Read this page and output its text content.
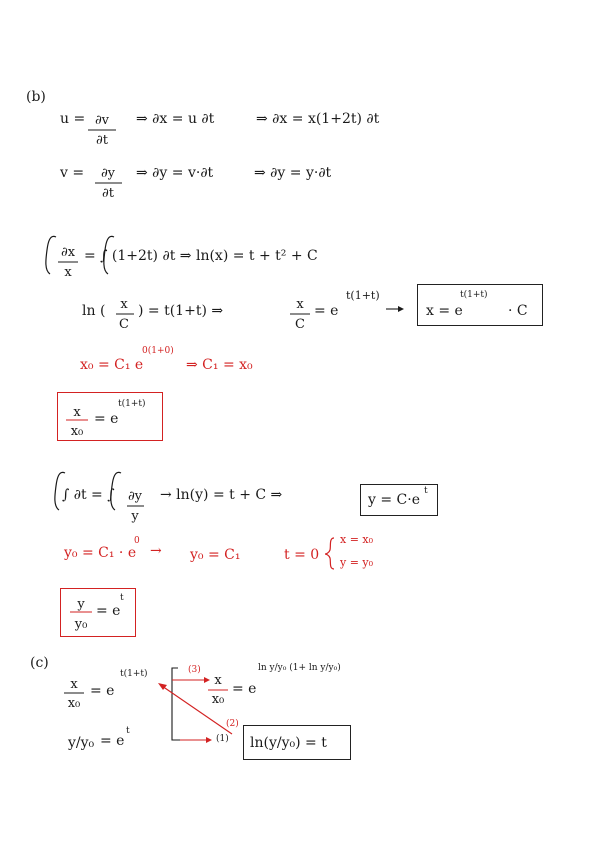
(b)
u = ∂v
∂t
⇒ ∂x = u ∂t	⇒ ∂x = x(1+2t) ∂t
v =	∂y
∂t
⇒ ∂y = v·∂t	⇒ ∂y = y·∂t
∂x
x
= ∫ (1+2t) ∂t ⇒ ln(x) = t + t² + C
ln (	x
C
) = t(1+t) ⇒	x
C
= e
t(1+t)
x = e
t(1+t)
· C
x₀ = C₁ e
0(1+0)
⇒ C₁ = x₀
x
x₀
= e
t(1+t)
∫ ∂t = ∫	∂y
y
→ ln(y) = t + C ⇒	y = C·e
t
y₀ = C₁ · e
0
→ y₀ = C₁	t = 0
x = x₀
y = y₀
y
y₀
= e
t
(c)
x
x₀
= e
t(1+t)
y/y₀ = e
t
(3)
x
x₀
= e
ln y/y₀ (1+ ln y/y₀)
(2)
(1) ln(y/y₀) = t
